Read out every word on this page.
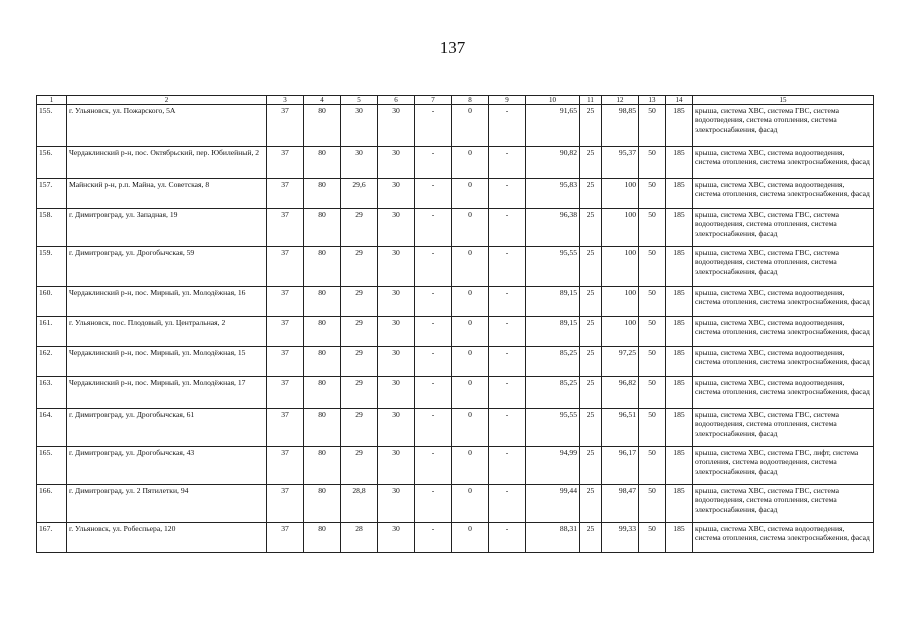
137
1	2	3	4	5	6	7	8	9	10	11	12	13	14	15
155.	г. Ульяновск, ул. Пожарского, 5А	37	80	30	30	-	0	-	91,65	25	98,85	50	185	крыша, система ХВС, система ГВС, система водоотведения, система отопления, система электроснабжения, фасад
156.	Чердаклинский р-н, пос. Октябрьский, пер. Юбилейный, 2	37	80	30	30	-	0	-	90,82	25	95,37	50	185	крыша, система ХВС, система водоотведения, система отопления, система электроснабжения, фасад
157.	Майнский р-н, р.п. Майна, ул. Советская, 8	37	80	29,6	30	-	0	-	95,83	25	100	50	185	крыша, система ХВС, система водоотведения, система отопления, система электроснабжения, фасад
158.	г. Димитровград, ул. Западная, 19	37	80	29	30	-	0	-	96,38	25	100	50	185	крыша, система ХВС, система ГВС, система водоотведения, система отопления, система электроснабжения, фасад
159.	г. Димитровград, ул. Дрогобычская, 59	37	80	29	30	-	0	-	95,55	25	100	50	185	крыша, система ХВС, система ГВС, система водоотведения, система отопления, система электроснабжения, фасад
160.	Чердаклинский р-н, пос. Мирный, ул. Молодёжная, 16	37	80	29	30	-	0	-	89,15	25	100	50	185	крыша, система ХВС, система водоотведения, система отопления, система электроснабжения, фасад
161.	г. Ульяновск, пос. Плодовый, ул. Центральная, 2	37	80	29	30	-	0	-	89,15	25	100	50	185	крыша, система ХВС, система водоотведения, система отопления, система электроснабжения, фасад
162.	Чердаклинский р-н, пос. Мирный, ул. Молодёжная, 15	37	80	29	30	-	0	-	85,25	25	97,25	50	185	крыша, система ХВС, система водоотведения, система отопления, система электроснабжения, фасад
163.	Чердаклинский р-н, пос. Мирный, ул. Молодёжная, 17	37	80	29	30	-	0	-	85,25	25	96,82	50	185	крыша, система ХВС, система водоотведения, система отопления, система электроснабжения, фасад
164.	г. Димитровград, ул. Дрогобычская, 61	37	80	29	30	-	0	-	95,55	25	96,51	50	185	крыша, система ХВС, система ГВС, система водоотведения, система отопления, система электроснабжения, фасад
165.	г. Димитровград, ул. Дрогобычская, 43	37	80	29	30	-	0	-	94,99	25	96,17	50	185	крыша, система ХВС, система ГВС, лифт, система отопления, система водоотведения, система электроснабжения, фасад
166.	г. Димитровград, ул. 2 Пятилетки, 94	37	80	28,8	30	-	0	-	99,44	25	98,47	50	185	крыша, система ХВС, система ГВС, система водоотведения, система отопления, система электроснабжения, фасад
167.	г. Ульяновск, ул. Робеспьера, 120	37	80	28	30	-	0	-	88,31	25	99,33	50	185	крыша, система ХВС, система водоотведения, система отопления, система электроснабжения, фасад
